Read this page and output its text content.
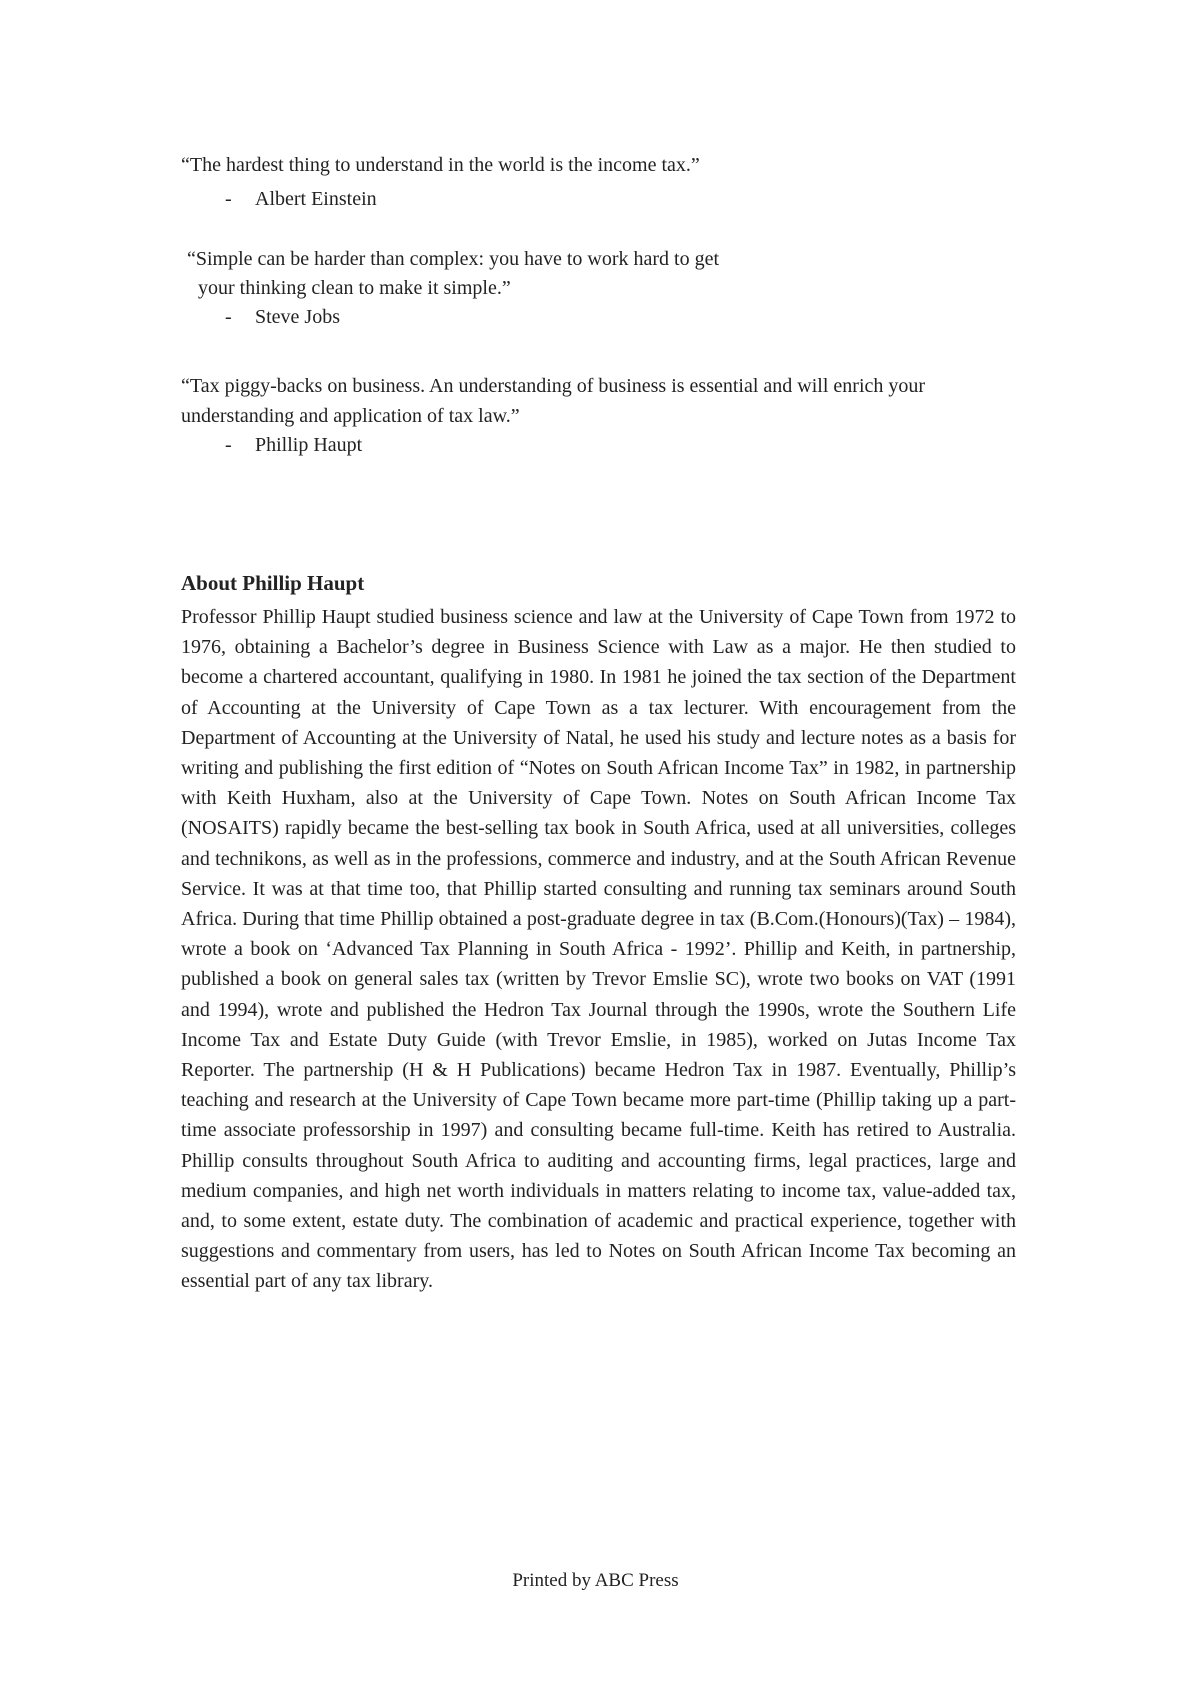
“The hardest thing to understand in the world is the income tax.”
- Albert Einstein
“Simple can be harder than complex: you have to work hard to get
your thinking clean to make it simple.”
- Steve Jobs
“Tax piggy-backs on business. An understanding of business is essential and will enrich your
understanding and application of tax law.”
- Phillip Haupt
About Phillip Haupt
Professor Phillip Haupt studied business science and law at the University of Cape Town from 1972 to 1976, obtaining a Bachelor’s degree in Business Science with Law as a major. He then studied to become a chartered accountant, qualifying in 1980. In 1981 he joined the tax section of the Department of Accounting at the University of Cape Town as a tax lecturer. With encouragement from the Department of Accounting at the University of Natal, he used his study and lecture notes as a basis for writing and publishing the first edition of “Notes on South African Income Tax” in 1982, in partnership with Keith Huxham, also at the University of Cape Town. Notes on South African Income Tax (NOSAITS) rapidly became the best-selling tax book in South Africa, used at all universities, colleges and technikons, as well as in the professions, commerce and industry, and at the South African Revenue Service. It was at that time too, that Phillip started consulting and running tax seminars around South Africa. During that time Phillip obtained a post-graduate degree in tax (B.Com.(Honours)(Tax) – 1984), wrote a book on ‘Advanced Tax Planning in South Africa - 1992’. Phillip and Keith, in partnership, published a book on general sales tax (written by Trevor Emslie SC), wrote two books on VAT (1991 and 1994), wrote and published the Hedron Tax Journal through the 1990s, wrote the Southern Life Income Tax and Estate Duty Guide (with Trevor Emslie, in 1985), worked on Jutas Income Tax Reporter. The partnership (H & H Publications) became Hedron Tax in 1987. Eventually, Phillip’s teaching and research at the University of Cape Town became more part-time (Phillip taking up a part-time associate professorship in 1997) and consulting became full-time. Keith has retired to Australia. Phillip consults throughout South Africa to auditing and accounting firms, legal practices, large and medium companies, and high net worth individuals in matters relating to income tax, value-added tax, and, to some extent, estate duty. The combination of academic and practical experience, together with suggestions and commentary from users, has led to Notes on South African Income Tax becoming an essential part of any tax library.
Printed by ABC Press
